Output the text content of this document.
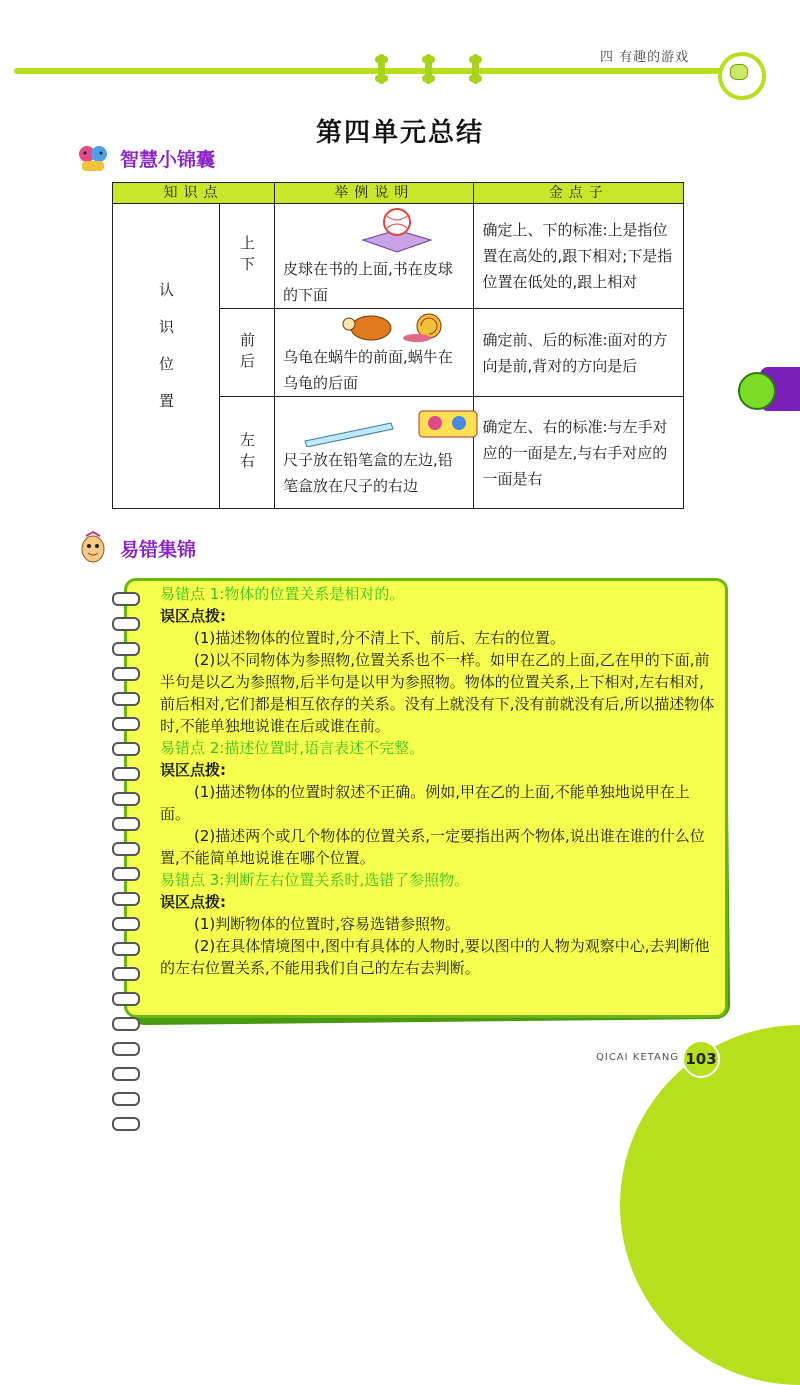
四 有趣的游戏
第四单元总结
智慧小锦囊
知识点		举例说明	金点子

认识位置	上下	皮球在书的上面,书在皮球的下面	确定上、下的标准:上是指位置在高处的,跟下相对;下是指位置在低处的,跟上相对

	前后	乌龟在蜗牛的前面,蜗牛在乌龟的后面	确定前、后的标准:面对的方向是前,背对的方向是后

	左右	尺子放在铅笔盒的左边,铅笔盒放在尺子的右边	确定左、右的标准:与左手对应的一面是左,与右手对应的一面是右
易错集锦

易错点 1:物体的位置关系是相对的。

误区点拨:

(1)描述物体的位置时,分不清上下、前后、左右的位置。

(2)以不同物体为参照物,位置关系也不一样。如甲在乙的上面,乙在甲的下面,前半句是以乙为参照物,后半句是以甲为参照物。物体的位置关系,上下相对,左右相对,前后相对,它们都是相互依存的关系。没有上就没有下,没有前就没有后,所以描述物体时,不能单独地说谁在后或谁在前。

易错点 2:描述位置时,语言表述不完整。

误区点拨:

(1)描述物体的位置时叙述不正确。例如,甲在乙的上面,不能单独地说甲在上面。

(2)描述两个或几个物体的位置关系,一定要指出两个物体,说出谁在谁的什么位置,不能简单地说谁在哪个位置。

易错点 3:判断左右位置关系时,选错了参照物。

误区点拨:

(1)判断物体的位置时,容易选错参照物。

(2)在具体情境图中,图中有具体的人物时,要以图中的人物为观察中心,去判断他的左右位置关系,不能用我们自己的左右去判断。

QICAI KETANG 103
